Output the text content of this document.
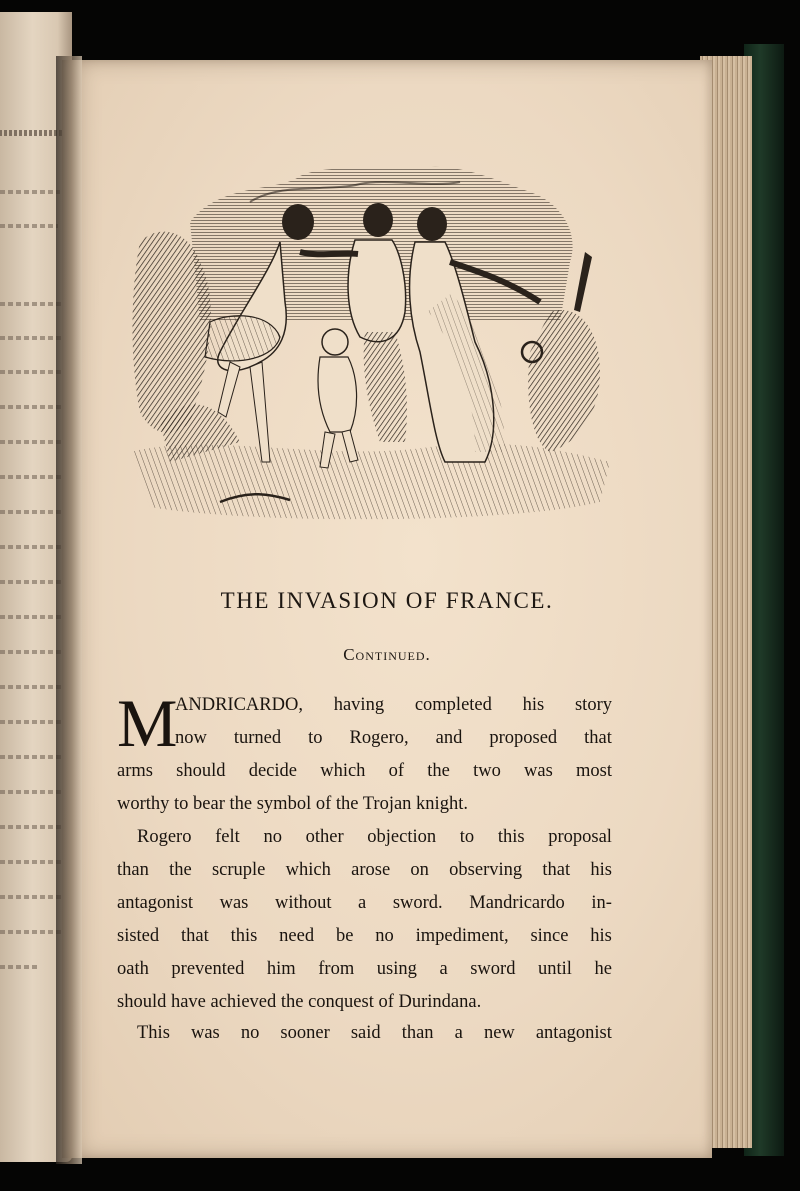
THE INVASION OF FRANCE.
Continued.
M
ANDRICARDO, having completed his story
now turned to Rogero, and proposed that
arms should decide which of the two was most
worthy to bear the symbol of the Trojan knight.
Rogero felt no other objection to this proposal
than the scruple which arose on observing that his
antagonist was without a sword. Mandricardo in-
sisted that this need be no impediment, since his
oath prevented him from using a sword until he
should have achieved the conquest of Durindana.
This was no sooner said than a new antagonist
